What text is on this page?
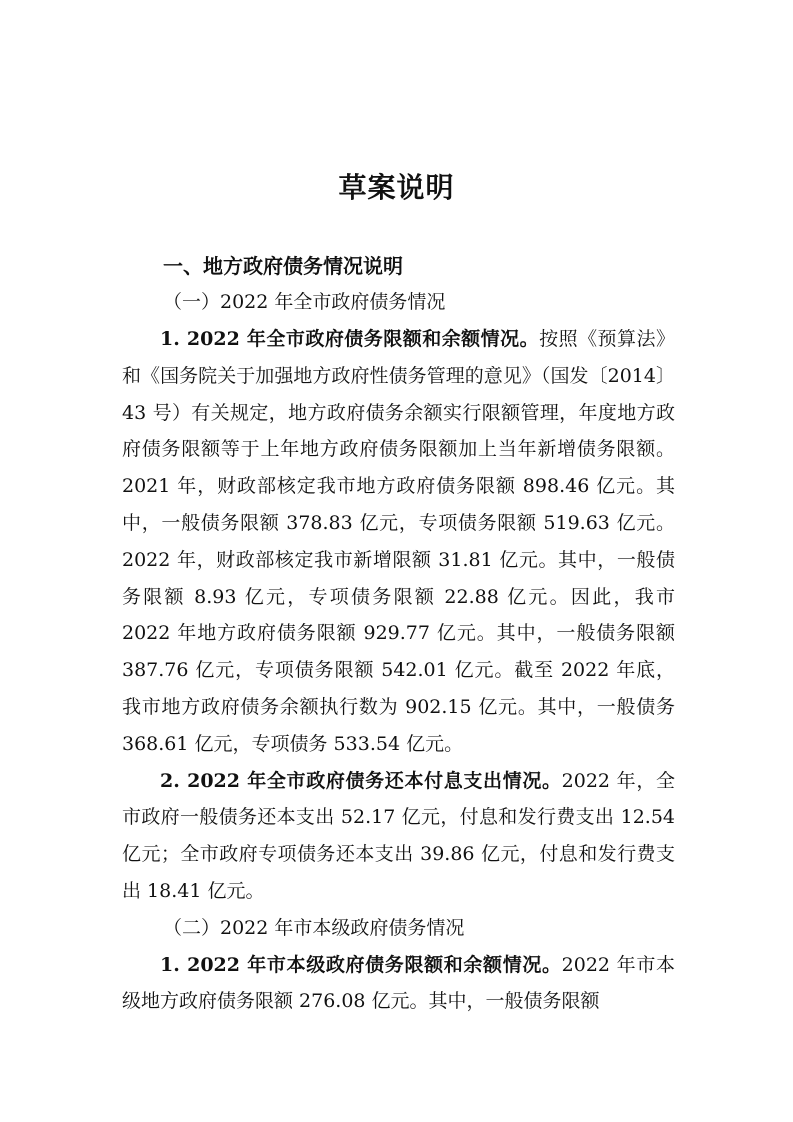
草案说明
一、地方政府债务情况说明
（一）2022 年全市政府债务情况

1. 2022 年全市政府债务限额和余额情况。按照《预算法》和《国务院关于加强地方政府性债务管理的意见》（国发〔2014〕43 号）有关规定，地方政府债务余额实行限额管理，年度地方政府债务限额等于上年地方政府债务限额加上当年新增债务限额。2021 年，财政部核定我市地方政府债务限额 898.46 亿元。其中，一般债务限额 378.83 亿元，专项债务限额 519.63 亿元。2022 年，财政部核定我市新增限额 31.81 亿元。其中，一般债务限额 8.93 亿元，专项债务限额 22.88 亿元。因此，我市 2022 年地方政府债务限额 929.77 亿元。其中，一般债务限额 387.76 亿元，专项债务限额 542.01 亿元。截至 2022 年底，我市地方政府债务余额执行数为 902.15 亿元。其中，一般债务 368.61 亿元，专项债务 533.54 亿元。

2. 2022 年全市政府债务还本付息支出情况。2022 年，全市政府一般债务还本支出 52.17 亿元，付息和发行费支出 12.54 亿元；全市政府专项债务还本支出 39.86 亿元，付息和发行费支出 18.41 亿元。

（二）2022 年市本级政府债务情况

1. 2022 年市本级政府债务限额和余额情况。2022 年市本级地方政府债务限额 276.08 亿元。其中，一般债务限额
